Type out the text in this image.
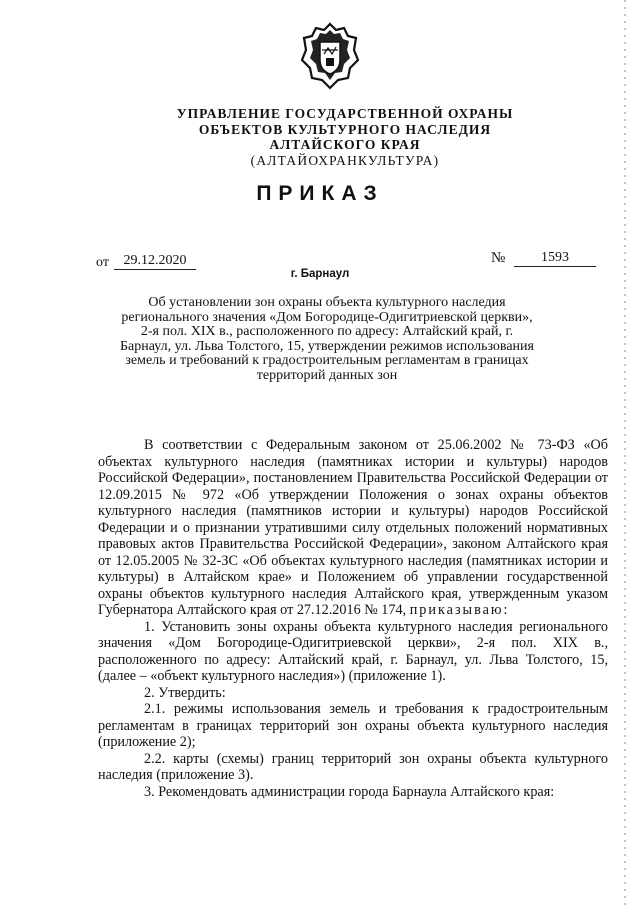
УПРАВЛЕНИЕ ГОСУДАРСТВЕННОЙ ОХРАНЫ
ОБЪЕКТОВ КУЛЬТУРНОГО НАСЛЕДИЯ
АЛТАЙСКОГО КРАЯ
(АЛТАЙОХРАНКУЛЬТУРА)
ПРИКАЗ
от	29.12.2020	№	1593
г. Барнаул
Об установлении зон охраны объекта культурного наследия регионального значения «Дом Богородице-Одигитриевской церкви», 2-я пол. XIX в., расположенного по адресу: Алтайский край, г. Барнаул, ул. Льва Толстого, 15, утверждении режимов использования земель и требований к градостроительным регламентам в границах территорий данных зон

В соответствии с Федеральным законом от 25.06.2002 № 73-ФЗ «Об объектах культурного наследия (памятниках истории и культуры) народов Российской Федерации», постановлением Правительства Российской Федерации от 12.09.2015 № 972 «Об утверждении Положения о зонах охраны объектов культурного наследия (памятников истории и культуры) народов Российской Федерации и о признании утратившими силу отдельных положений нормативных правовых актов Правительства Российской Федерации», законом Алтайского края от 12.05.2005 № 32-ЗС «Об объектах культурного наследия (памятниках истории и культуры) в Алтайском крае» и Положением об управлении государственной охраны объектов культурного наследия Алтайского края, утвержденным указом Губернатора Алтайского края от 27.12.2016 № 174, приказываю:

1. Установить зоны охраны объекта культурного наследия регионального значения «Дом Богородице-Одигитриевской церкви», 2-я пол. XIX в., расположенного по адресу: Алтайский край, г. Барнаул, ул. Льва Толстого, 15, (далее – «объект культурного наследия») (приложение 1).

2. Утвердить:

2.1. режимы использования земель и требования к градостроительным регламентам в границах территорий зон охраны объекта культурного наследия (приложение 2);

2.2. карты (схемы) границ территорий зон охраны объекта культурного наследия (приложение 3).

3. Рекомендовать администрации города Барнаула Алтайского края:
